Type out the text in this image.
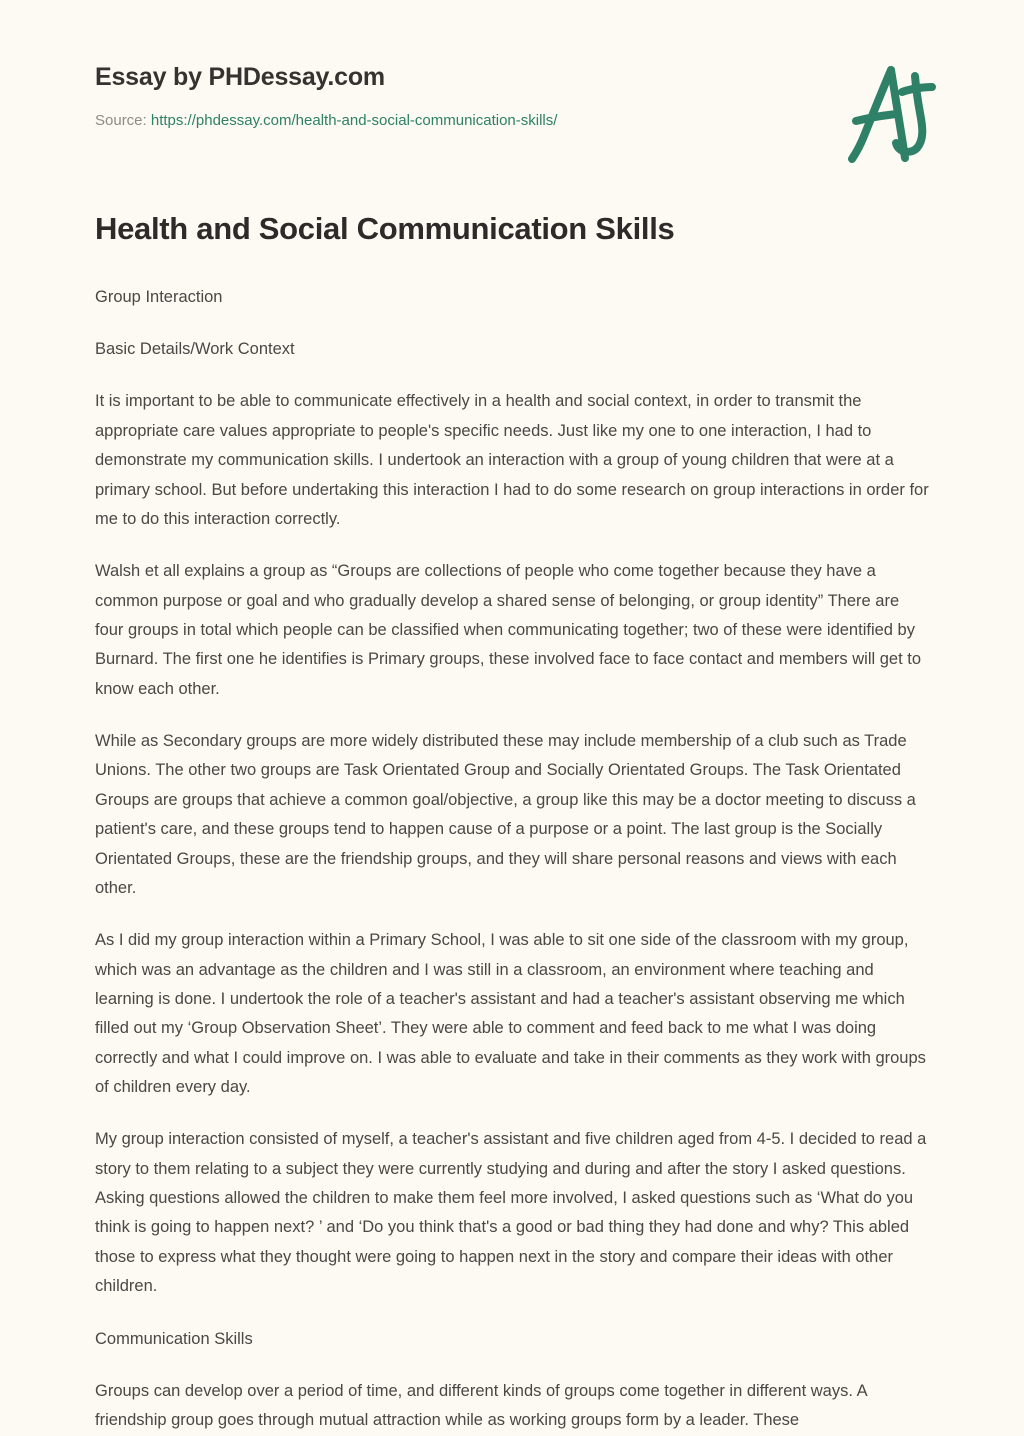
Essay by PHDessay.com
Source: https://phdessay.com/health-and-social-communication-skills/
Health and Social Communication Skills

Group Interaction

Basic Details/Work Context

It is important to be able to communicate effectively in a health and social context, in order to transmit the appropriate care values appropriate to people's specific needs. Just like my one to one interaction, I had to demonstrate my communication skills. I undertook an interaction with a group of young children that were at a primary school. But before undertaking this interaction I had to do some research on group interactions in order for me to do this interaction correctly.

Walsh et all explains a group as “Groups are collections of people who come together because they have a common purpose or goal and who gradually develop a shared sense of belonging, or group identity” There are four groups in total which people can be classified when communicating together; two of these were identified by Burnard. The first one he identifies is Primary groups, these involved face to face contact and members will get to know each other.

While as Secondary groups are more widely distributed these may include membership of a club such as Trade Unions. The other two groups are Task Orientated Group and Socially Orientated Groups. The Task Orientated Groups are groups that achieve a common goal/objective, a group like this may be a doctor meeting to discuss a patient's care, and these groups tend to happen cause of a purpose or a point. The last group is the Socially Orientated Groups, these are the friendship groups, and they will share personal reasons and views with each other.

As I did my group interaction within a Primary School, I was able to sit one side of the classroom with my group, which was an advantage as the children and I was still in a classroom, an environment where teaching and learning is done. I undertook the role of a teacher's assistant and had a teacher's assistant observing me which filled out my ‘Group Observation Sheet’. They were able to comment and feed back to me what I was doing correctly and what I could improve on. I was able to evaluate and take in their comments as they work with groups of children every day.

My group interaction consisted of myself, a teacher's assistant and five children aged from 4-5. I decided to read a story to them relating to a subject they were currently studying and during and after the story I asked questions. Asking questions allowed the children to make them feel more involved, I asked questions such as ‘What do you think is going to happen next? ’ and ‘Do you think that's a good or bad thing they had done and why? This abled those to express what they thought were going to happen next in the story and compare their ideas with other children.

Communication Skills

Groups can develop over a period of time, and different kinds of groups come together in different ways. A friendship group goes through mutual attraction while as working groups form by a leader. These
